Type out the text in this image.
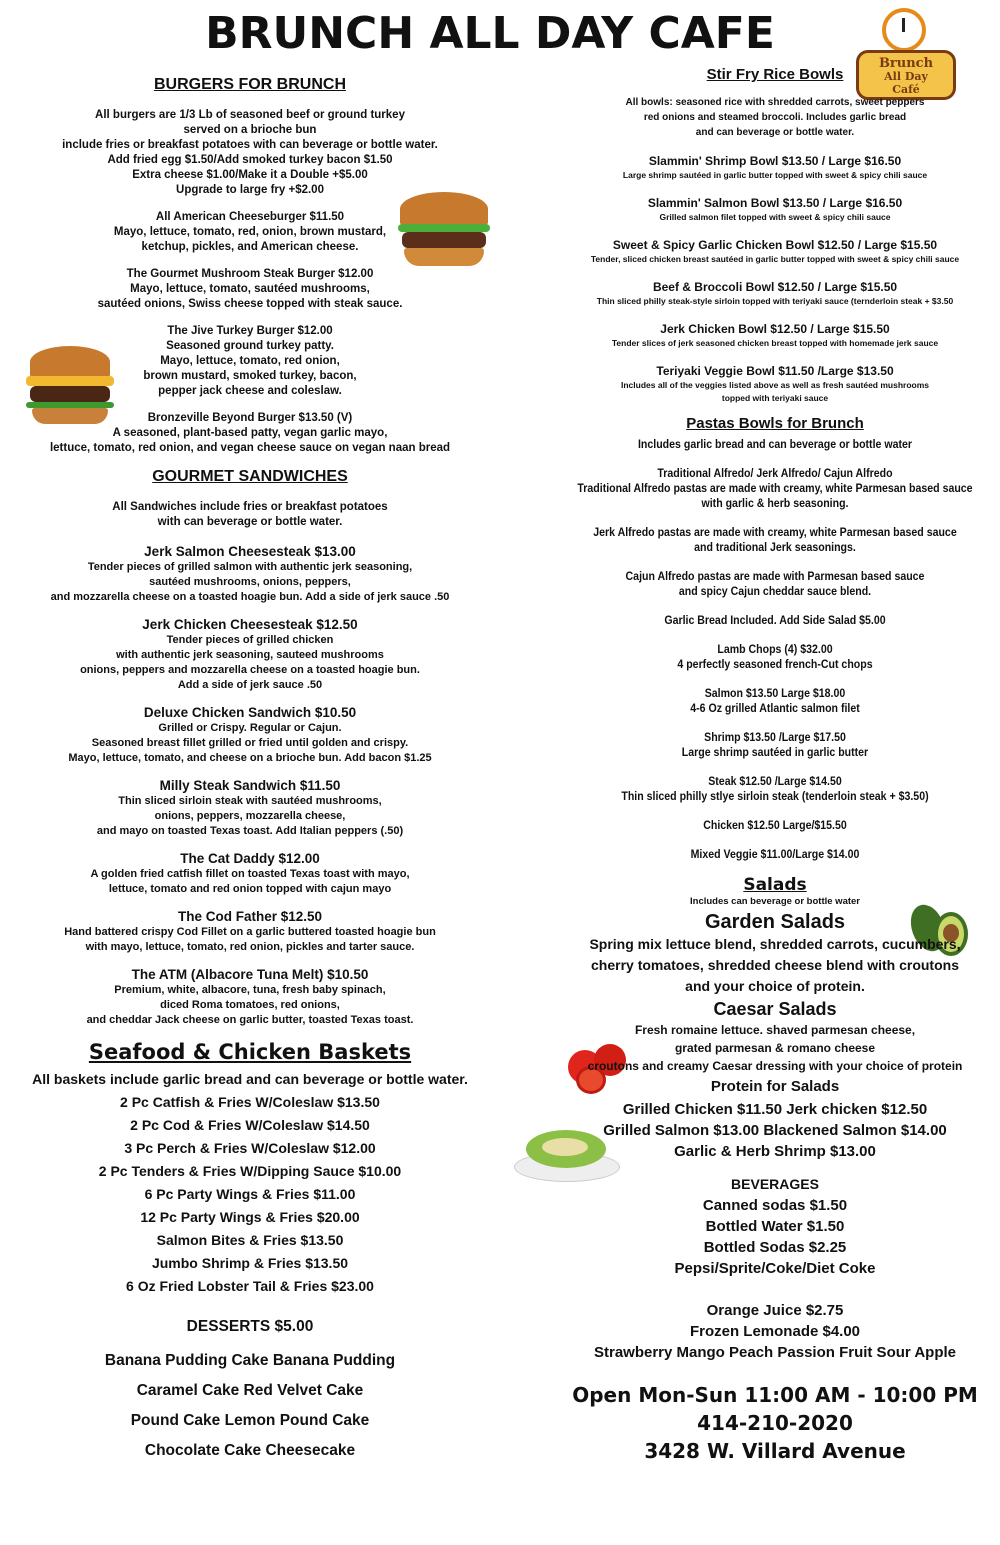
BRUNCH ALL DAY CAFE
Brunch
All Day
Café
BURGERS FOR BRUNCH
All burgers are 1/3 Lb of seasoned beef or ground turkey
served on a brioche bun
include fries or breakfast potatoes with can beverage or bottle water.
Add fried egg $1.50/Add smoked turkey bacon $1.50
Extra cheese $1.00/Make it a Double +$5.00
Upgrade to large fry +$2.00
All American Cheeseburger $11.50
Mayo, lettuce, tomato, red, onion, brown mustard,
ketchup, pickles, and American cheese.
The Gourmet Mushroom Steak Burger $12.00
Mayo, lettuce, tomato, sautéed mushrooms,
sautéed onions, Swiss cheese topped with steak sauce.
The Jive Turkey Burger $12.00
Seasoned ground turkey patty.
Mayo, lettuce, tomato, red onion,
brown mustard, smoked turkey, bacon,
pepper jack cheese and coleslaw.
Bronzeville Beyond Burger $13.50 (V)
A seasoned, plant-based patty, vegan garlic mayo,
lettuce, tomato, red onion, and vegan cheese sauce on vegan naan bread
GOURMET SANDWICHES
All Sandwiches include fries or breakfast potatoes
with can beverage or bottle water.
Jerk Salmon Cheesesteak $13.00
Tender pieces of grilled salmon with authentic jerk seasoning,
sautéed mushrooms, onions, peppers,
and mozzarella cheese on a toasted hoagie bun. Add a side of jerk sauce .50
Jerk Chicken Cheesesteak $12.50
Tender pieces of grilled chicken
with authentic jerk seasoning, sauteed mushrooms
onions, peppers and mozzarella cheese on a toasted hoagie bun.
Add a side of jerk sauce .50
Deluxe Chicken Sandwich $10.50
Grilled or Crispy. Regular or Cajun.
Seasoned breast fillet grilled or fried until golden and crispy.
Mayo, lettuce, tomato, and cheese on a brioche bun. Add bacon $1.25
Milly Steak Sandwich $11.50
Thin sliced sirloin steak with sautéed mushrooms,
onions, peppers, mozzarella cheese,
and mayo on toasted Texas toast. Add Italian peppers (.50)
The Cat Daddy $12.00
A golden fried catfish fillet on toasted Texas toast with mayo,
lettuce, tomato and red onion topped with cajun mayo
The Cod Father $12.50
Hand battered crispy Cod Fillet on a garlic buttered toasted hoagie bun
with mayo, lettuce, tomato, red onion, pickles and tarter sauce.
The ATM (Albacore Tuna Melt) $10.50
Premium, white, albacore, tuna, fresh baby spinach,
diced Roma tomatoes, red onions,
and cheddar Jack cheese on garlic butter, toasted Texas toast.
Seafood & Chicken Baskets
All baskets include garlic bread and can beverage or bottle water.
2 Pc Catfish & Fries W/Coleslaw $13.50
2 Pc Cod & Fries W/Coleslaw $14.50
3 Pc Perch & Fries W/Coleslaw $12.00
2 Pc Tenders & Fries W/Dipping Sauce $10.00
6 Pc Party Wings & Fries $11.00
12 Pc Party Wings & Fries $20.00
Salmon Bites & Fries $13.50
Jumbo Shrimp & Fries $13.50
6 Oz Fried Lobster Tail & Fries $23.00
DESSERTS $5.00
Banana Pudding Cake Banana Pudding
Caramel Cake Red Velvet Cake
Pound Cake Lemon Pound Cake
Chocolate Cake Cheesecake
Stir Fry Rice Bowls
All bowls: seasoned rice with shredded carrots, sweet peppers
red onions and steamed broccoli. Includes garlic bread
and can beverage or bottle water.
Slammin' Shrimp Bowl $13.50 / Large $16.50
Large shrimp sautéed in garlic butter topped with sweet & spicy chili sauce
Slammin' Salmon Bowl $13.50 / Large $16.50
Grilled salmon filet topped with sweet & spicy chili sauce
Sweet & Spicy Garlic Chicken Bowl $12.50 / Large $15.50
Tender, sliced chicken breast sautéed in garlic butter topped with sweet & spicy chili sauce
Beef & Broccoli Bowl $12.50 / Large $15.50
Thin sliced philly steak-style sirloin topped with teriyaki sauce (ternderloin steak + $3.50
Jerk Chicken Bowl $12.50 / Large $15.50
Tender slices of jerk seasoned chicken breast topped with homemade jerk sauce
Teriyaki Veggie Bowl $11.50 /Large $13.50
Includes all of the veggies listed above as well as fresh sautéed mushrooms
topped with teriyaki sauce
Pastas Bowls for Brunch
Includes garlic bread and can beverage or bottle water
Traditional Alfredo/ Jerk Alfredo/ Cajun Alfredo
Traditional Alfredo pastas are made with creamy, white Parmesan based sauce
with garlic & herb seasoning.
Jerk Alfredo pastas are made with creamy, white Parmesan based sauce
and traditional Jerk seasonings.
Cajun Alfredo pastas are made with Parmesan based sauce
and spicy Cajun cheddar sauce blend.
Garlic Bread Included. Add Side Salad $5.00
Lamb Chops (4) $32.00
4 perfectly seasoned french-Cut chops
Salmon $13.50 Large $18.00
4-6 Oz grilled Atlantic salmon filet
Shrimp $13.50 /Large $17.50
Large shrimp sautéed in garlic butter
Steak $12.50 /Large $14.50
Thin sliced philly stlye sirloin steak (tenderloin steak + $3.50)
Chicken $12.50 Large/$15.50
Mixed Veggie $11.00/Large $14.00
Salads
Includes can beverage or bottle water
Garden Salads
Spring mix lettuce blend, shredded carrots, cucumbers,
cherry tomatoes, shredded cheese blend with croutons
and your choice of protein.
Caesar Salads
Fresh romaine lettuce. shaved parmesan cheese,
grated parmesan & romano cheese
croutons and creamy Caesar dressing with your choice of protein
Protein for Salads
Grilled Chicken $11.50 Jerk chicken $12.50
Grilled Salmon $13.00 Blackened Salmon $14.00
Garlic & Herb Shrimp $13.00
BEVERAGES
Canned sodas $1.50
Bottled Water $1.50
Bottled Sodas $2.25
Pepsi/Sprite/Coke/Diet Coke
Orange Juice $2.75
Frozen Lemonade $4.00
Strawberry Mango Peach Passion Fruit Sour Apple
Open Mon-Sun 11:00 AM - 10:00 PM
414-210-2020
3428 W. Villard Avenue
